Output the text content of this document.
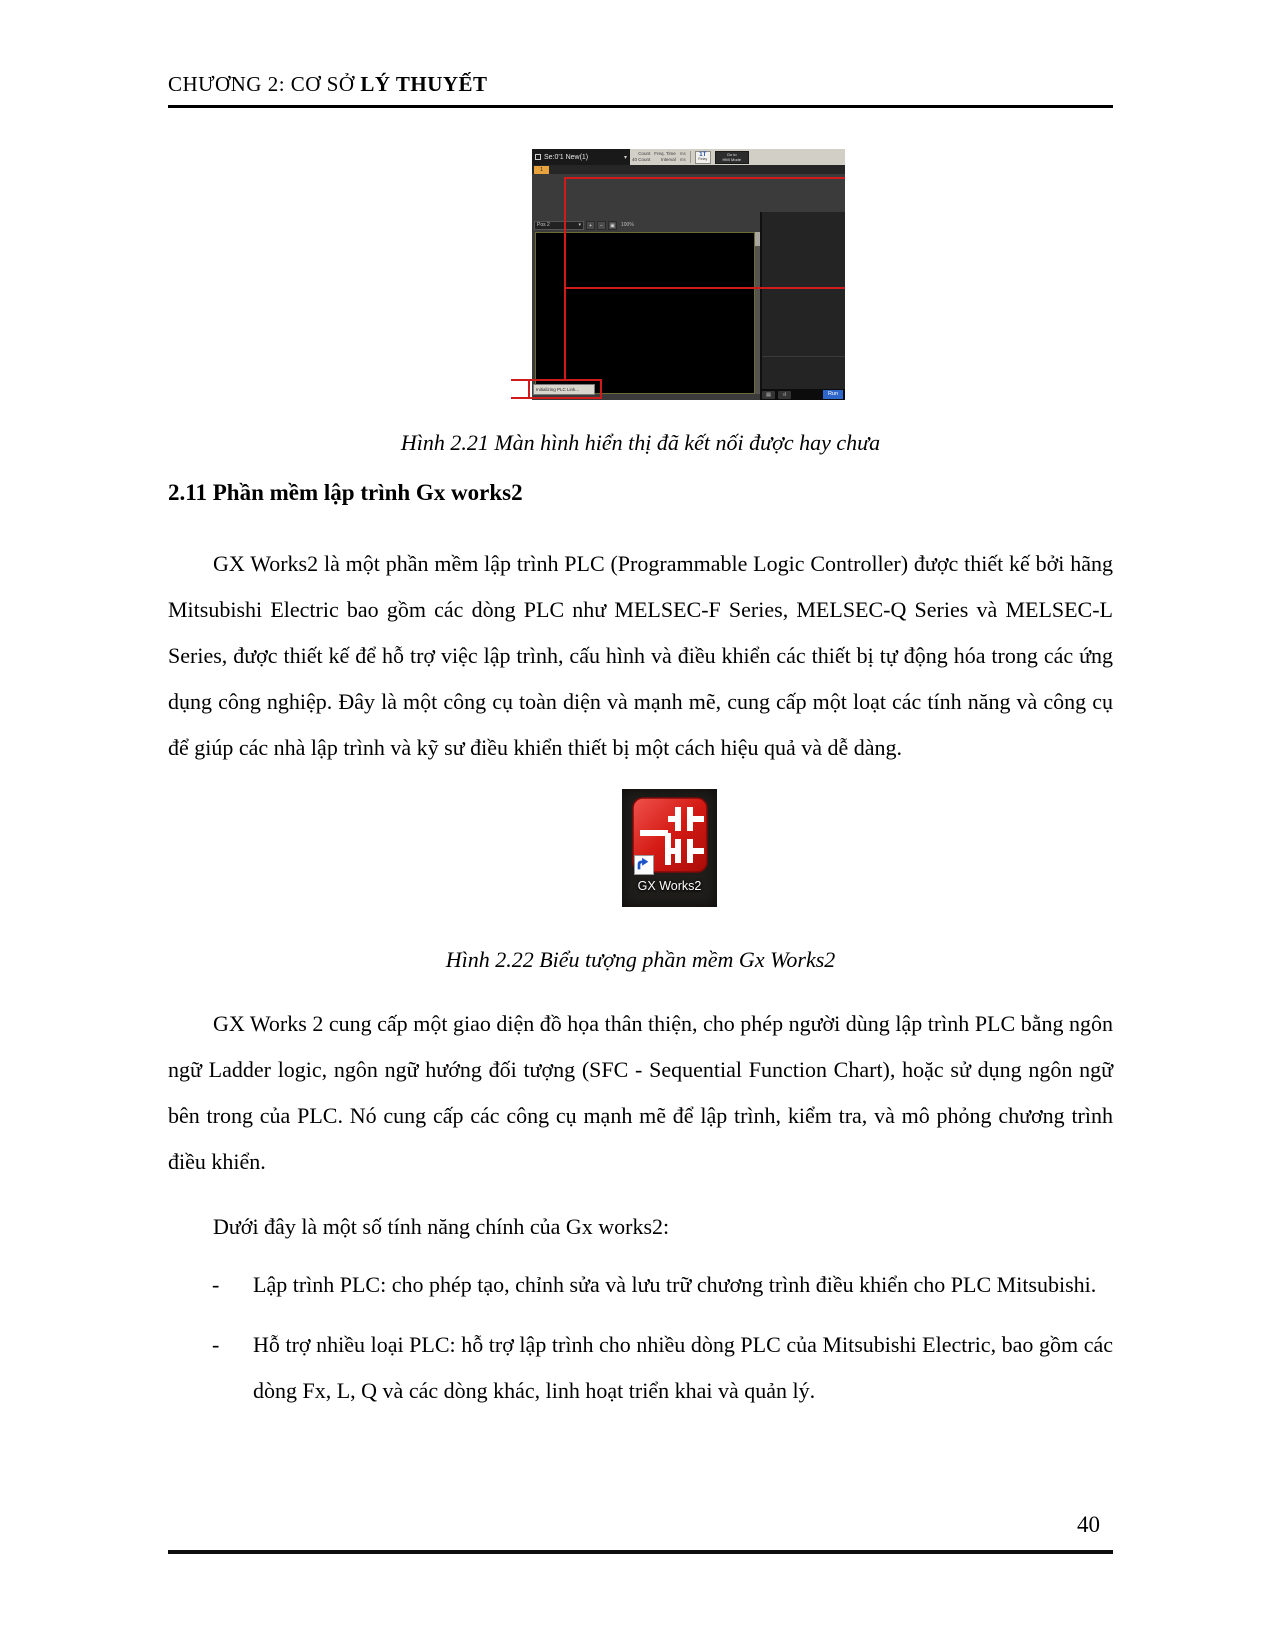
CHƯƠNG 2: CƠ SỞ LÝ THUYẾT
Se:0'1 New(1)	▾
Count
40 Count
Freq. Time
Interval
ms
ms
1T
Relay
Go to
HMI Mode
1
Pos 2	▾	+	−	▣	100%
▤	ıl	Run
Initializing PLC Link...
Hình 2.21 Màn hình hiển thị đã kết nối được hay chưa
2.11 Phần mềm lập trình Gx works2
GX Works2 là một phần mềm lập trình PLC (Programmable Logic Controller) được thiết kế bởi hãng Mitsubishi Electric bao gồm các dòng PLC như MELSEC-F Series, MELSEC-Q Series và MELSEC-L Series, được thiết kế để hỗ trợ việc lập trình, cấu hình và điều khiển các thiết bị tự động hóa trong các ứng dụng công nghiệp. Đây là một công cụ toàn diện và mạnh mẽ, cung cấp một loạt các tính năng và công cụ để giúp các nhà lập trình và kỹ sư điều khiển thiết bị một cách hiệu quả và dễ dàng.
GX Works2
Hình 2.22 Biểu tượng phần mềm Gx Works2
GX Works 2 cung cấp một giao diện đồ họa thân thiện, cho phép người dùng lập trình PLC bằng ngôn ngữ Ladder logic, ngôn ngữ hướng đối tượng (SFC - Sequential Function Chart), hoặc sử dụng ngôn ngữ bên trong của PLC. Nó cung cấp các công cụ mạnh mẽ để lập trình, kiểm tra, và mô phỏng chương trình điều khiển.
Dưới đây là một số tính năng chính của Gx works2:
-	Lập trình PLC: cho phép tạo, chỉnh sửa và lưu trữ chương trình điều khiển cho PLC Mitsubishi.
-	Hỗ trợ nhiều loại PLC: hỗ trợ lập trình cho nhiều dòng PLC của Mitsubishi Electric, bao gồm các dòng Fx, L, Q và các dòng khác, linh hoạt triển khai và quản lý.
40
